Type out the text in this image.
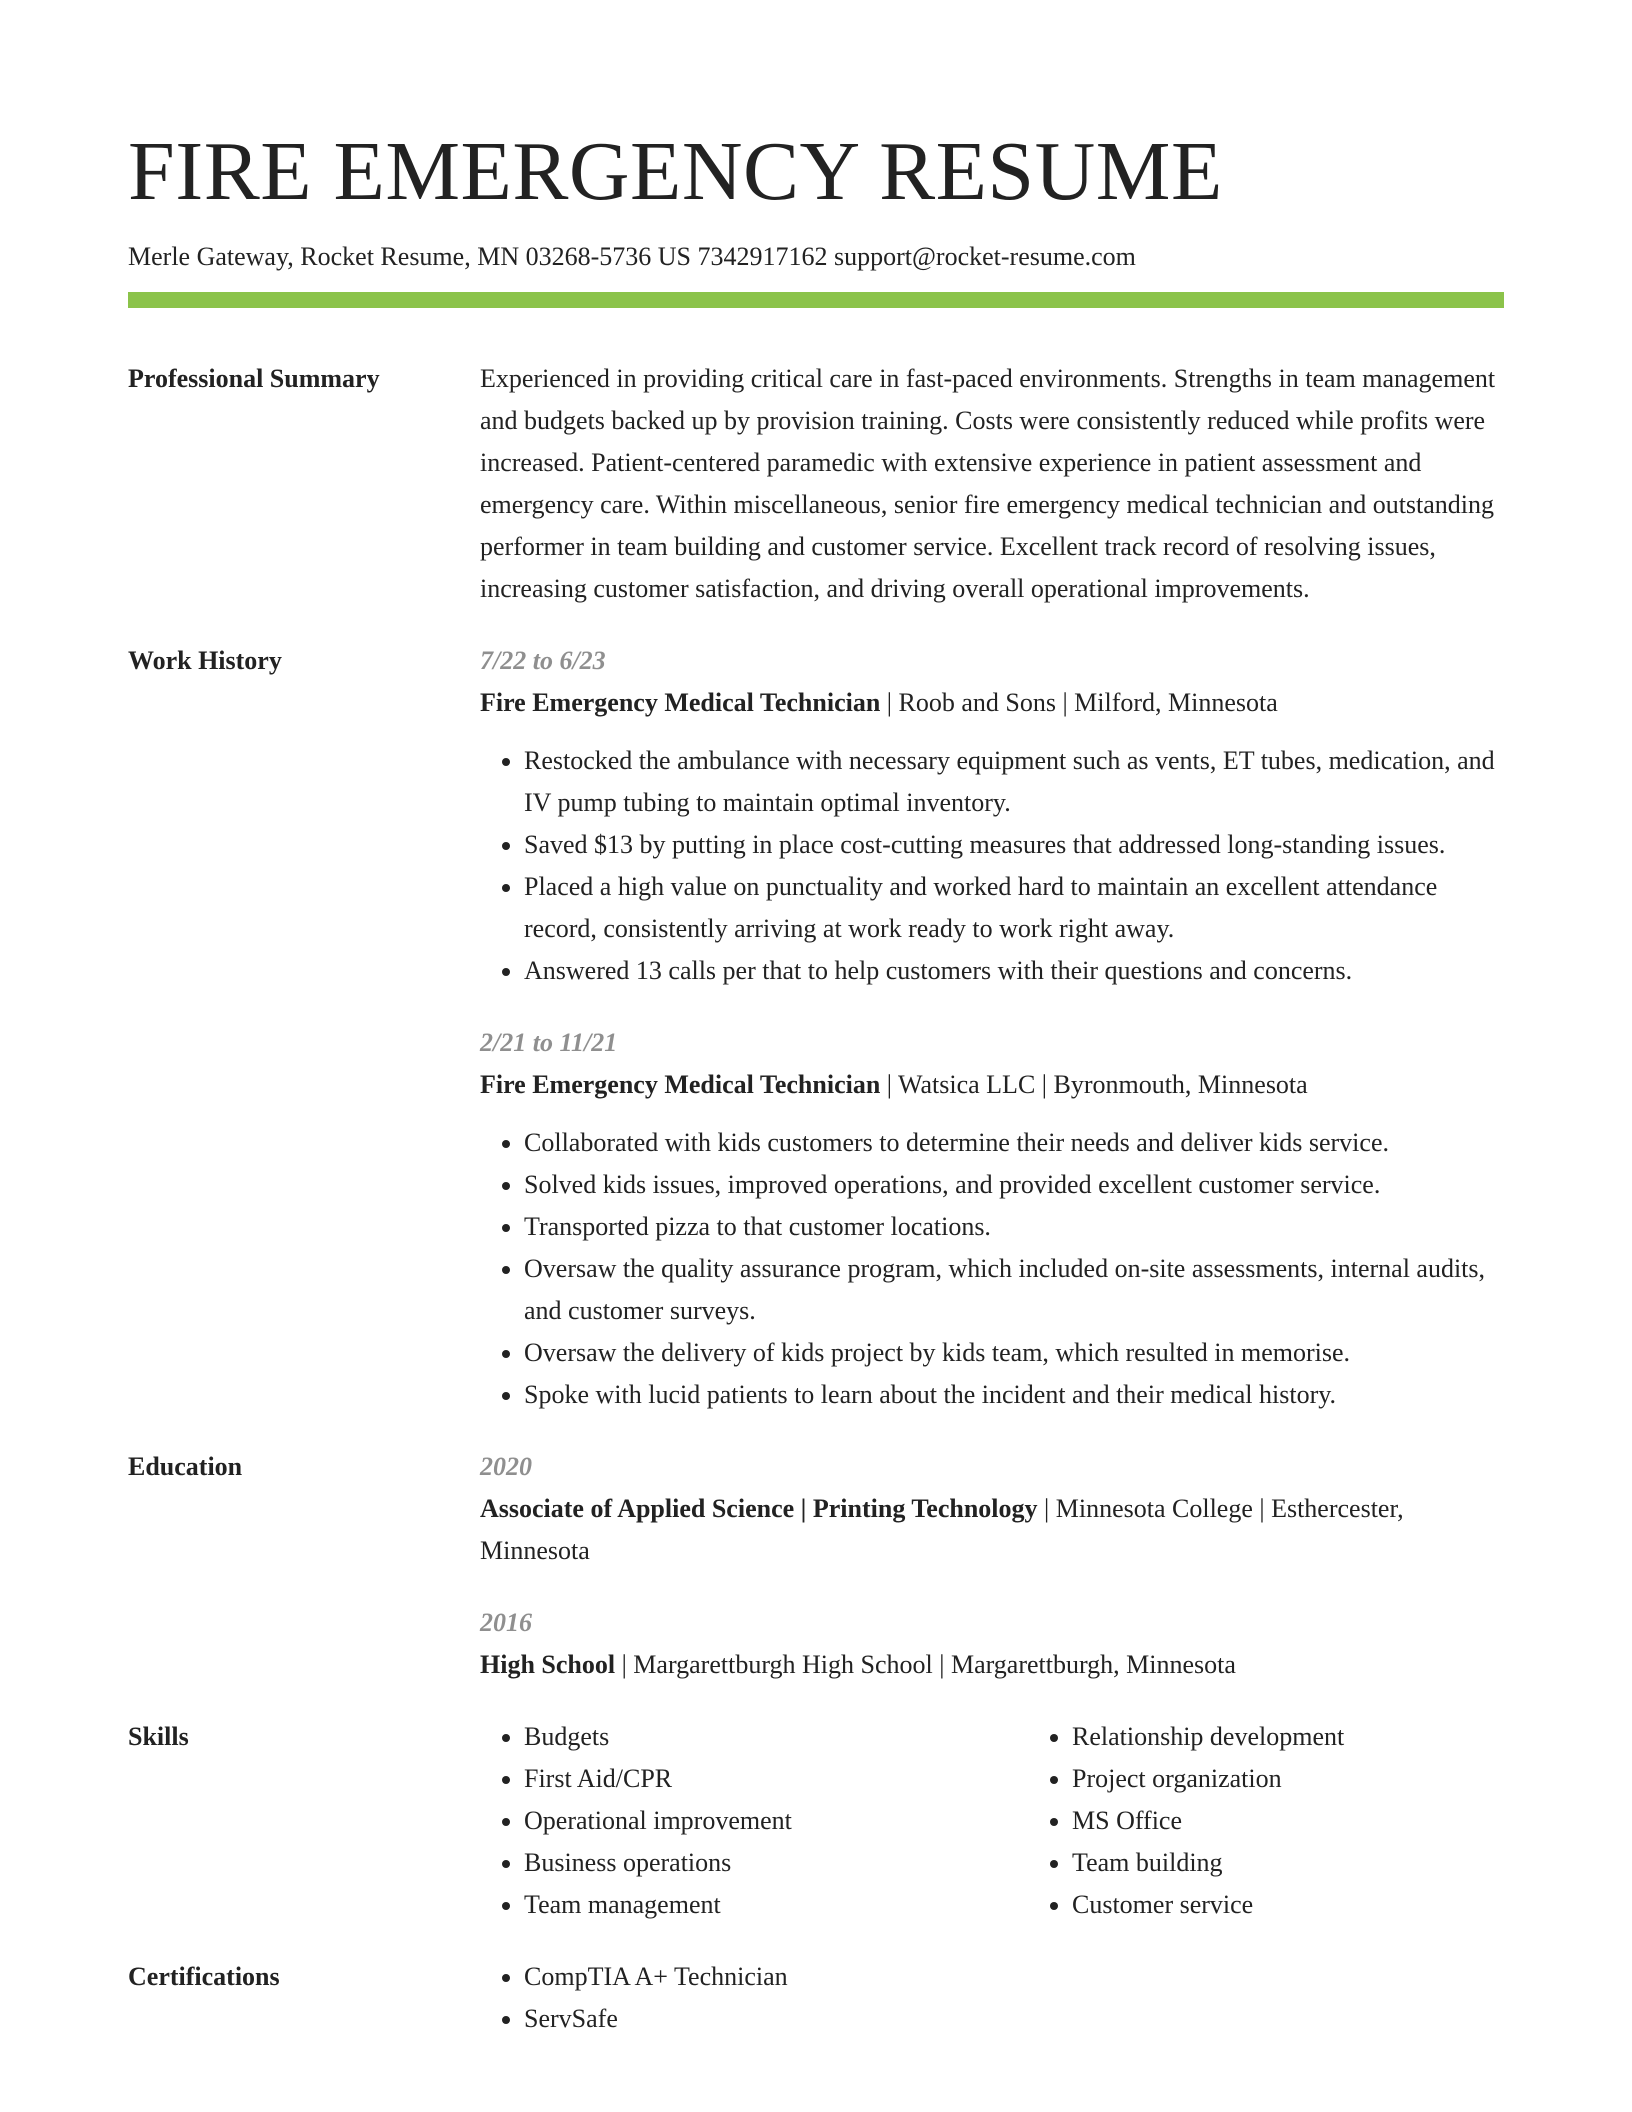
FIRE EMERGENCY RESUME
Merle Gateway, Rocket Resume, MN 03268-5736 US 7342917162 support@rocket-resume.com
Professional Summary	Experienced in providing critical care in fast-paced environments. Strengths in team management and budgets backed up by provision training. Costs were consistently reduced while profits were increased. Patient-centered paramedic with extensive experience in patient assessment and emergency care. Within miscellaneous, senior fire emergency medical technician and outstanding performer in team building and customer service. Excellent track record of resolving issues, increasing customer satisfaction, and driving overall operational improvements.

Work History	7/22 to 6/23
Fire Emergency Medical Technician | Roob and Sons | Milford, Minnesota
• Restocked the ambulance with necessary equipment such as vents, ET tubes, medication, and IV pump tubing to maintain optimal inventory.
• Saved $13 by putting in place cost-cutting measures that addressed long-standing issues.
• Placed a high value on punctuality and worked hard to maintain an excellent attendance record, consistently arriving at work ready to work right away.
• Answered 13 calls per that to help customers with their questions and concerns.
2/21 to 11/21
Fire Emergency Medical Technician | Watsica LLC | Byronmouth, Minnesota
• Collaborated with kids customers to determine their needs and deliver kids service.
• Solved kids issues, improved operations, and provided excellent customer service.
• Transported pizza to that customer locations.
• Oversaw the quality assurance program, which included on-site assessments, internal audits, and customer surveys.
• Oversaw the delivery of kids project by kids team, which resulted in memorise.
• Spoke with lucid patients to learn about the incident and their medical history.
Education	2020
Associate of Applied Science | Printing Technology | Minnesota College | Esthercester, Minnesota
2016
High School | Margarettburgh High School | Margarettburgh, Minnesota
Skills	• Budgets
• First Aid/CPR
• Operational improvement
• Business operations
• Team management
• Relationship development
• Project organization
• MS Office
• Team building
• Customer service
Certifications	• CompTIA A+ Technician
• ServSafe
